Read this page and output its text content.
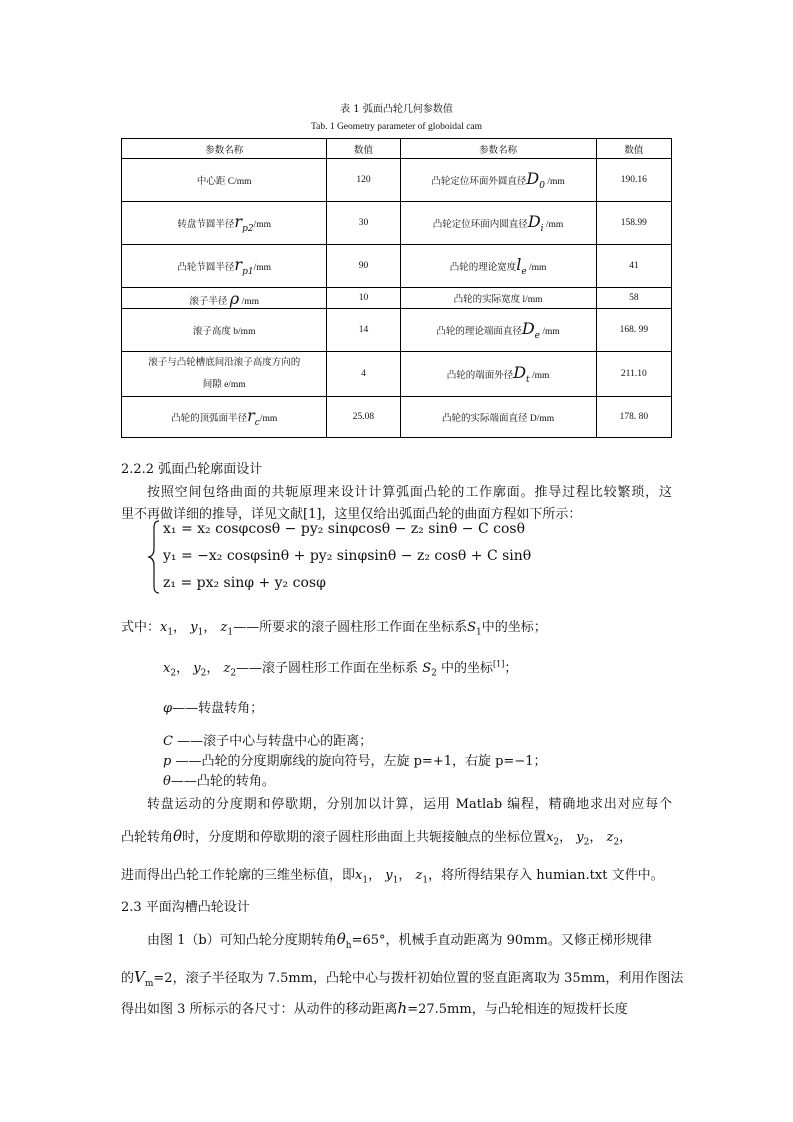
表 1 弧面凸轮几何参数值
Tab. 1 Geometry parameter of globoidal cam
参数名称	数值	参数名称	数值
中心距 C/mm	120	凸轮定位环面外圆直径$D_0$ /mm	190.16
转盘节圆半径$r_{p2}/mm$	30	凸轮定位环面内圆直径$D_i$ /mm	158.99
凸轮节圆半径$r_{p1}/mm$	90	凸轮的理论宽度$l_e$ /mm	41
滚子半径 ρ /mm	10	凸轮的实际宽度 l/mm	58
滚子高度 b/mm	14	凸轮的理论端面直径$D_e$ /mm	168. 99
滚子与凸轮槽底间沿滚子高度方向的
间隙 e/mm	4	凸轮的端面外径$D_t$ /mm	211.10
凸轮的顶弧面半径$r_c/mm$	25.08	凸轮的实际端面直径 D/mm	178. 80
2.2.2 弧面凸轮廓面设计
按照空间包络曲面的共轭原理来设计计算弧面凸轮的工作廓面。推导过程比较繁琐，这
里不再做详细的推导，详见文献[1]，这里仅给出弧面凸轮的曲面方程如下所示：
x₁ = x₂ cosφcosθ − py₂ sinφcosθ − z₂ sinθ − C cosθ
y₁ = −x₂ cosφsinθ + py₂ sinφsinθ − z₂ cosθ + C sinθ
z₁ = px₂ sinφ + y₂ cosφ
式中：$x_1$， $y_1$， $z_1——$所要求的滚子圆柱形工作面在坐标系$S_1$中的坐标；
$x_2$， $y_2$， $z_2——$滚子圆柱形工作面在坐标系 $S_2$ 中的坐标[1]；
φ——转盘转角；
C ——滚子中心与转盘中心的距离；
p ——凸轮的分度期廓线的旋向符号，左旋 p=+1，右旋 p=−1；
θ——凸轮的转角。
转盘运动的分度期和停歇期，分别加以计算，运用 Matlab 编程，精确地求出对应每个
凸轮转角θ时，分度期和停歇期的滚子圆柱形曲面上共轭接触点的坐标位置$x_2$， $y_2$， $z_2$，
进而得出凸轮工作轮廓的三维坐标值，即$x_1$， $y_1$， $z_1$，将所得结果存入 humian.txt 文件中。
2.3 平面沟槽凸轮设计
由图 1（b）可知凸轮分度期转角$\theta_h=65^\circ$，机械手直动距离为 90mm。又修正梯形规律
的$V_m=2$，滚子半径取为 7.5mm，凸轮中心与拨杆初始位置的竖直距离取为 35mm，利用作图法
得出如图 3 所标示的各尺寸：从动件的移动距离h=27.5mm，与凸轮相连的短拨杆长度
